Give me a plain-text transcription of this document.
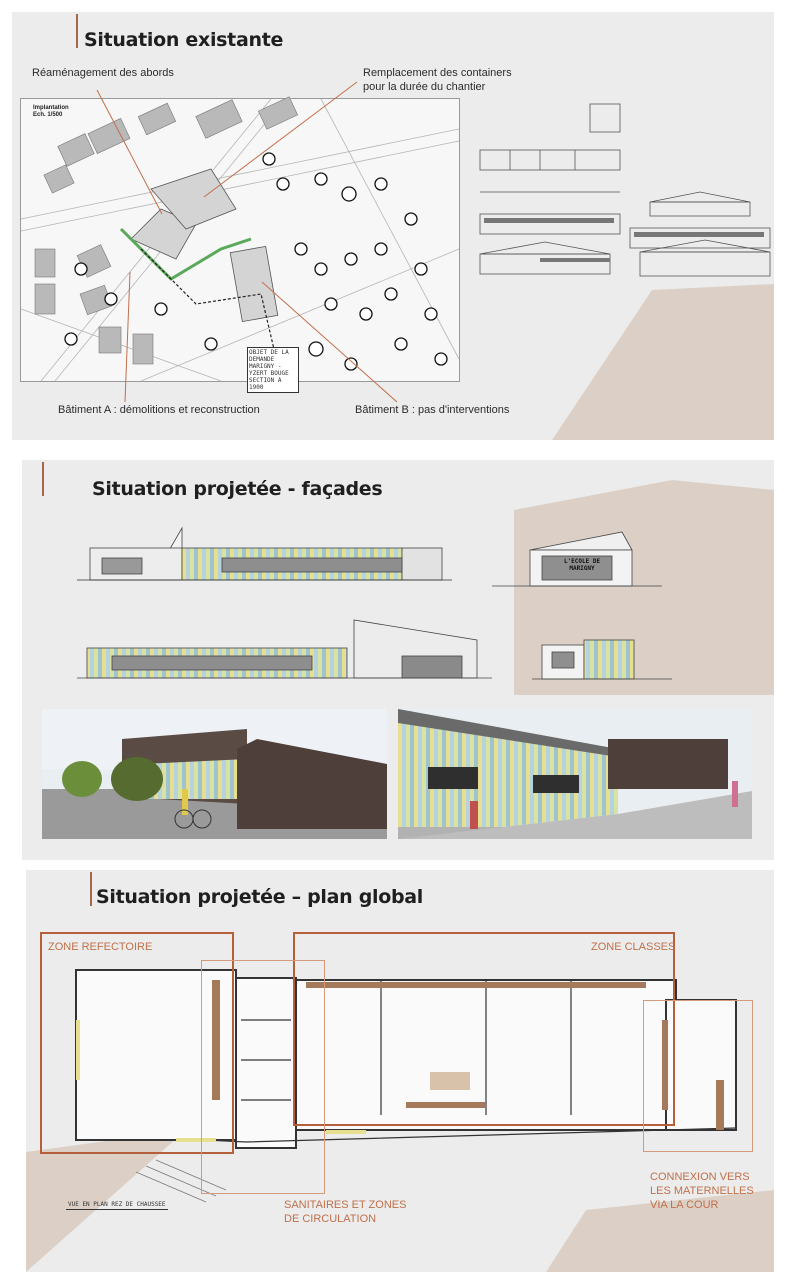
Situation existante
Implantation
Ech. 1/500
OBJET DE LA DEMANDE MARIGNY - YZERT BOUGE SECTION A 1900
Réaménagement des abords	Remplacement des containers
pour la durée du chantier
Bâtiment A : démolitions et reconstruction	Bâtiment B : pas d'interventions
Situation projetée - façades
L'ECOLE DE MARIGNY
Situation projetée – plan global
ZONE REFECTOIRE	ZONE CLASSES
SANITAIRES ET ZONES
DE CIRCULATION
CONNEXION VERS
LES MATERNELLES
VIA LA COUR
VUE EN PLAN REZ DE CHAUSSEE
